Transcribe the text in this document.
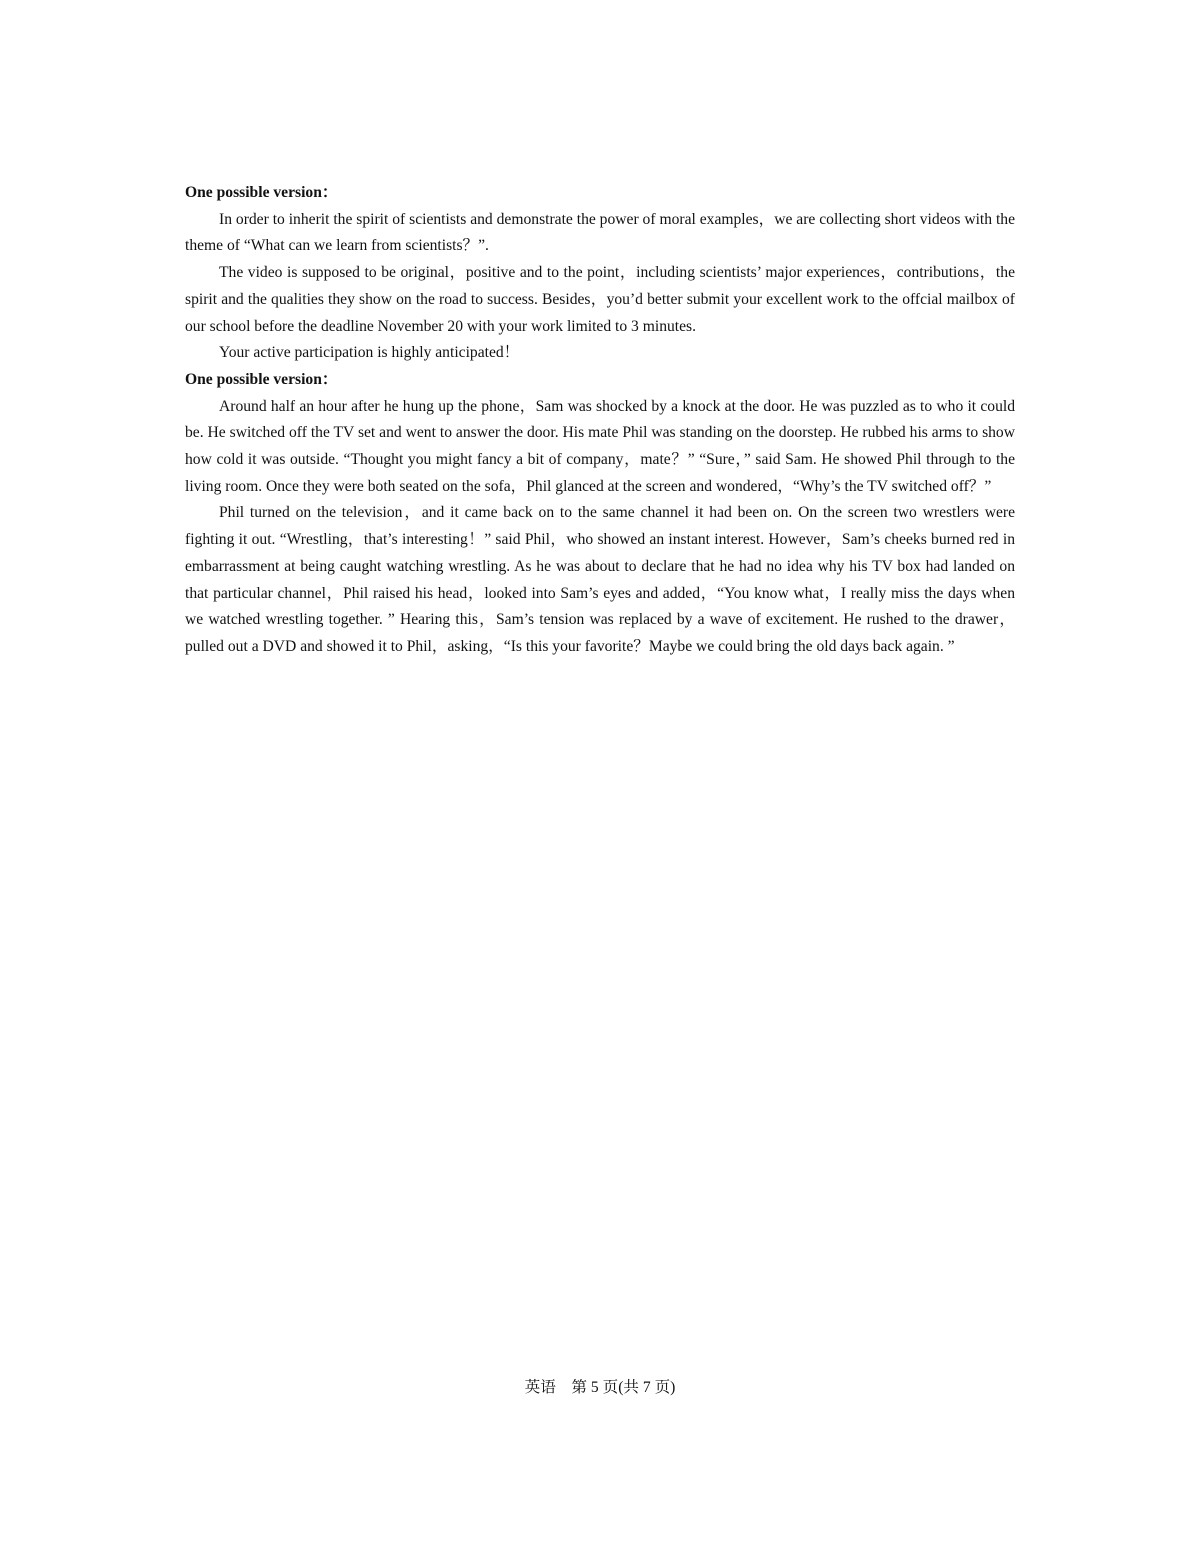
One possible version：

In order to inherit the spirit of scientists and demonstrate the power of moral examples，we are collecting short videos with the theme of “What can we learn from scientists？”.

The video is supposed to be original，positive and to the point，including scientists’ major experiences，contributions，the spirit and the qualities they show on the road to success. Besides，you’d better submit your excellent work to the offcial mailbox of our school before the deadline November 20 with your work limited to 3 minutes.

Your active participation is highly anticipated！

One possible version：

Around half an hour after he hung up the phone，Sam was shocked by a knock at the door. He was puzzled as to who it could be. He switched off the TV set and went to answer the door. His mate Phil was standing on the doorstep. He rubbed his arms to show how cold it was outside. “Thought you might fancy a bit of company，mate？” “Sure，” said Sam. He showed Phil through to the living room. Once they were both seated on the sofa，Phil glanced at the screen and wondered，“Why’s the TV switched off？”

Phil turned on the television，and it came back on to the same channel it had been on. On the screen two wrestlers were fighting it out. “Wrestling，that’s interesting！” said Phil，who showed an instant interest. However，Sam’s cheeks burned red in embarrassment at being caught watching wrestling. As he was about to declare that he had no idea why his TV box had landed on that particular channel，Phil raised his head，looked into Sam’s eyes and added，“You know what，I really miss the days when we watched wrestling together. ” Hearing this，Sam’s tension was replaced by a wave of excitement. He rushed to the drawer，pulled out a DVD and showed it to Phil，asking，“Is this your favorite？Maybe we could bring the old days back again. ”

英语　第 5 页(共 7 页)
